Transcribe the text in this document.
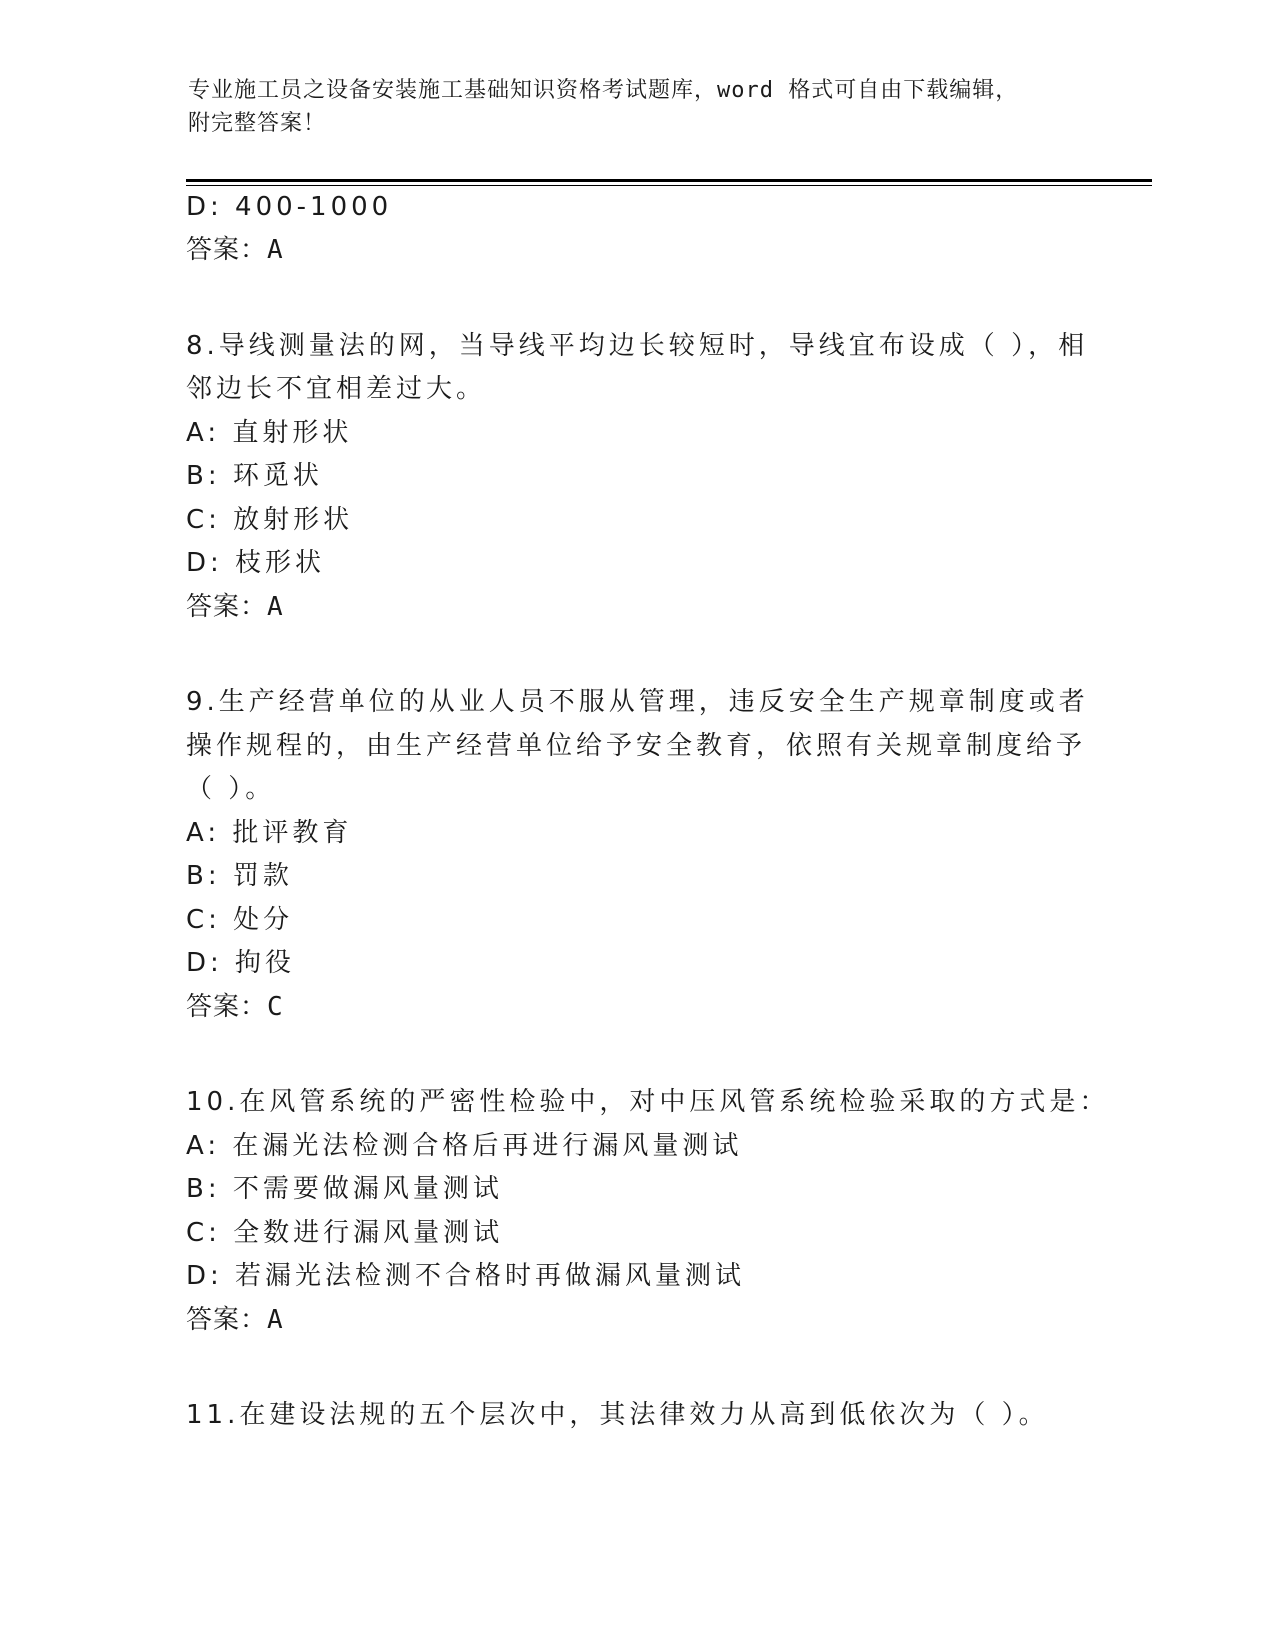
专业施工员之设备安装施工基础知识资格考试题库，word 格式可自由下载编辑，
附完整答案！
D: 400-1000
答案：A
8.导线测量法的网，当导线平均边长较短时，导线宜布设成（ ），相
邻边长不宜相差过大。
A: 直射形状
B: 环觅状
C: 放射形状
D: 枝形状
答案：A
9.生产经营单位的从业人员不服从管理，违反安全生产规章制度或者
操作规程的，由生产经营单位给予安全教育，依照有关规章制度给予
（ ）。
A: 批评教育
B: 罚款
C: 处分
D: 拘役
答案：C
10.在风管系统的严密性检验中，对中压风管系统检验采取的方式是：
A: 在漏光法检测合格后再进行漏风量测试
B: 不需要做漏风量测试
C: 全数进行漏风量测试
D: 若漏光法检测不合格时再做漏风量测试
答案：A
11.在建设法规的五个层次中，其法律效力从高到低依次为（ ）。
